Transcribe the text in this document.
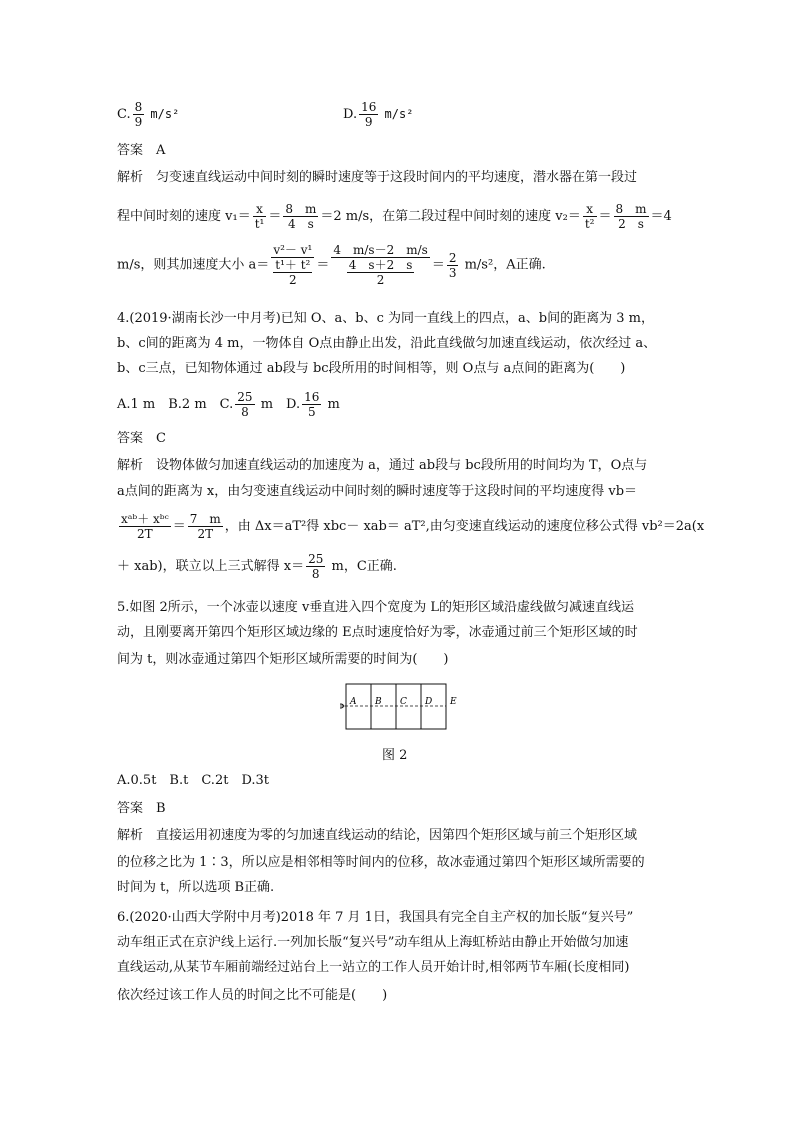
C. $\frac{8}{9} m/s^2$	D. $\frac{16}{9} m/s^2$
答案　A
解析　匀变速直线运动中间时刻的瞬时速度等于这段时间内的平均速度，潜水器在第一段过
程中间时刻的速度 $v_1= \frac{x}{\text{t¹}} = \frac{8 m}{4 s} =2$ m/s，在第二段过程中间时刻的速度 $v_2= \frac{x}{\text{t²}} = \frac{8 m}{2 s} =4$
m/s，则其加速度大小 $a= \frac{\text{v²－ v¹}}{\frac{\text{t¹＋ t²}}{2}} = \frac{4 m/s-2 m/s}{\frac{4 s+2 s}{2}} = \frac{2}{3} m/s^2$，A正确.
4.(2019·湖南长沙一中月考)已知 O、a、b、c 为同一直线上的四点，a、b间的距离为 3 m，
b、c间的距离为 4 m，一物体自 O点由静止出发，沿此直线做匀加速直线运动，依次经过 a、
b、c三点，已知物体通过 ab段与 bc段所用的时间相等，则 O点与 a点间的距离为(　　)
A.1 m　B.2 m　C. $\frac{25}{8}$ m　D. $\frac{16}{5}$ m
答案　C
解析　设物体做匀加速直线运动的加速度为 a，通过 ab段与 bc段所用的时间均为 T，O点与
a点间的距离为 x，由匀变速直线运动中间时刻的瞬时速度等于这段时间的平均速度得 vb＝
$\frac{\text{xᵃᵇ＋ xᵇᶜ}}{2T} = \frac{7 m}{2T}$ ，由 Δx＝aT²得 xbc－ xab＝ aT²,由匀变速直线运动的速度位移公式得 vb²＝2a(x
＋ xab)，联立以上三式解得 $x= \frac{25}{8}$ m，C正确.
5.如图 2所示，一个冰壶以速度 v垂直进入四个宽度为 L的矩形区域沿虚线做匀减速直线运
动，且刚要离开第四个矩形区域边缘的 E点时速度恰好为零，冰壶通过前三个矩形区域的时
间为 t，则冰壶通过第四个矩形区域所需要的时间为(　　)
A B C D E
图 2
A.0.5t　B.t　C.2t　D.3t
答案　B
解析　直接运用初速度为零的匀加速直线运动的结论，因第四个矩形区域与前三个矩形区域
的位移之比为 1∶3，所以应是相邻相等时间内的位移，故冰壶通过第四个矩形区域所需要的
时间为 t，所以选项 B正确.
6.(2020·山西大学附中月考)2018 年 7 月 1日，我国具有完全自主产权的加长版“复兴号”
动车组正式在京沪线上运行.一列加长版“复兴号”动车组从上海虹桥站由静止开始做匀加速
直线运动,从某节车厢前端经过站台上一站立的工作人员开始计时,相邻两节车厢(长度相同)
依次经过该工作人员的时间之比不可能是(　　)
